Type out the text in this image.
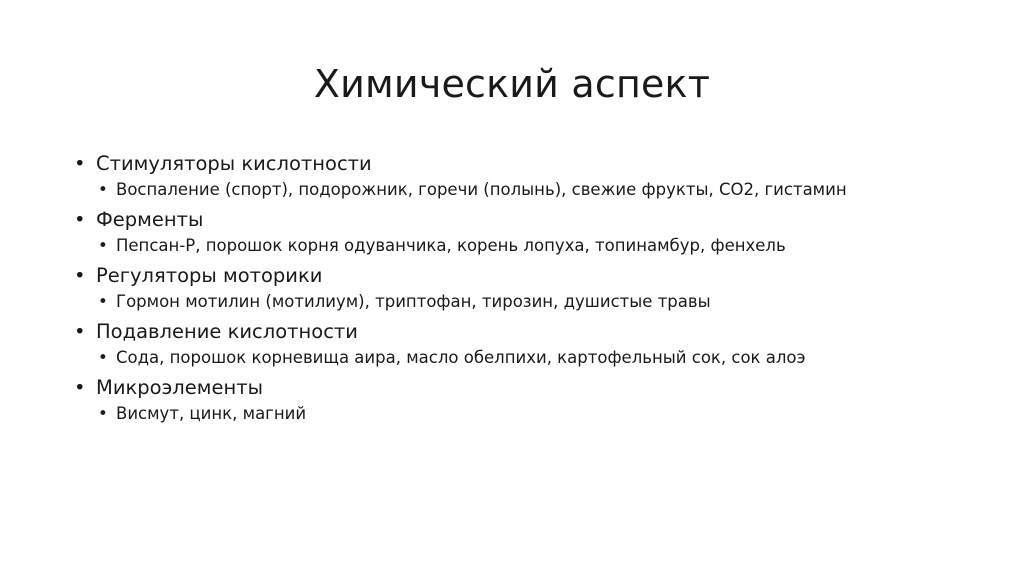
Химический аспект
• Стимуляторы кислотности
• Воспаление (спорт), подорожник, горечи (полынь), свежие фрукты, СО2, гистамин
• Ферменты
• Пепсан-Р, порошок корня одуванчика, корень лопуха, топинамбур, фенхель
• Регуляторы моторики
• Гормон мотилин (мотилиум), триптофан, тирозин, душистые травы
• Подавление кислотности
• Сода, порошок корневища аира, масло обелпихи, картофельный сок, сок алоэ
• Микроэлементы
• Висмут, цинк, магний
